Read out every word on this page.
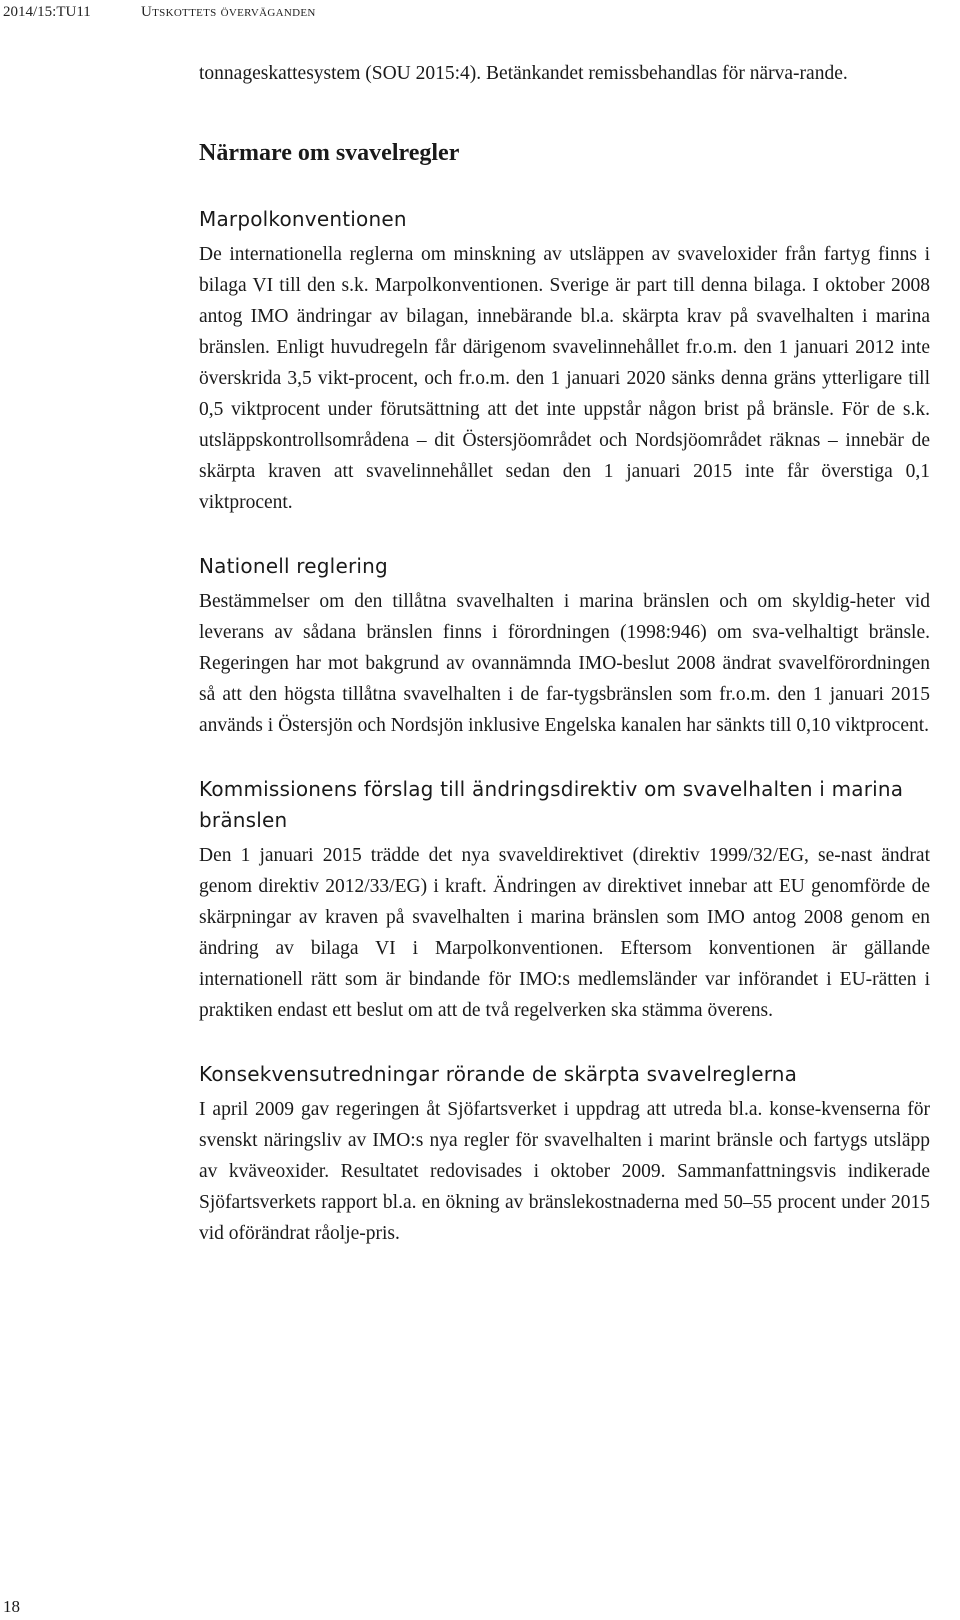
2014/15:TU11	Utskottets överväganden

tonnageskattesystem (SOU 2015:4). Betänkandet remissbehandlas för närva-rande.

Närmare om svavelregler
Marpolkonventionen

De internationella reglerna om minskning av utsläppen av svaveloxider från fartyg finns i bilaga VI till den s.k. Marpolkonventionen. Sverige är part till denna bilaga. I oktober 2008 antog IMO ändringar av bilagan, innebärande bl.a. skärpta krav på svavelhalten i marina bränslen. Enligt huvudregeln får därigenom svavelinnehållet fr.o.m. den 1 januari 2012 inte överskrida 3,5 vikt-procent, och fr.o.m. den 1 januari 2020 sänks denna gräns ytterligare till 0,5 viktprocent under förutsättning att det inte uppstår någon brist på bränsle. För de s.k. utsläppskontrollsområdena – dit Östersjöområdet och Nordsjöområdet räknas – innebär de skärpta kraven att svavelinnehållet sedan den 1 januari 2015 inte får överstiga 0,1 viktprocent.

Nationell reglering

Bestämmelser om den tillåtna svavelhalten i marina bränslen och om skyldig-heter vid leverans av sådana bränslen finns i förordningen (1998:946) om sva-velhaltigt bränsle. Regeringen har mot bakgrund av ovannämnda IMO-beslut 2008 ändrat svavelförordningen så att den högsta tillåtna svavelhalten i de far-tygsbränslen som fr.o.m. den 1 januari 2015 används i Östersjön och Nordsjön inklusive Engelska kanalen har sänkts till 0,10 viktprocent.

Kommissionens förslag till ändringsdirektiv om svavelhalten i marina bränslen

Den 1 januari 2015 trädde det nya svaveldirektivet (direktiv 1999/32/EG, se-nast ändrat genom direktiv 2012/33/EG) i kraft. Ändringen av direktivet innebar att EU genomförde de skärpningar av kraven på svavelhalten i marina bränslen som IMO antog 2008 genom en ändring av bilaga VI i Marpolkonventionen. Eftersom konventionen är gällande internationell rätt som är bindande för IMO:s medlemsländer var införandet i EU-rätten i praktiken endast ett beslut om att de två regelverken ska stämma överens.

Konsekvensutredningar rörande de skärpta svavelreglerna

I april 2009 gav regeringen åt Sjöfartsverket i uppdrag att utreda bl.a. konse-kvenserna för svenskt näringsliv av IMO:s nya regler för svavelhalten i marint bränsle och fartygs utsläpp av kväveoxider. Resultatet redovisades i oktober 2009. Sammanfattningsvis indikerade Sjöfartsverkets rapport bl.a. en ökning av bränslekostnaderna med 50–55 procent under 2015 vid oförändrat råolje-pris.

18
